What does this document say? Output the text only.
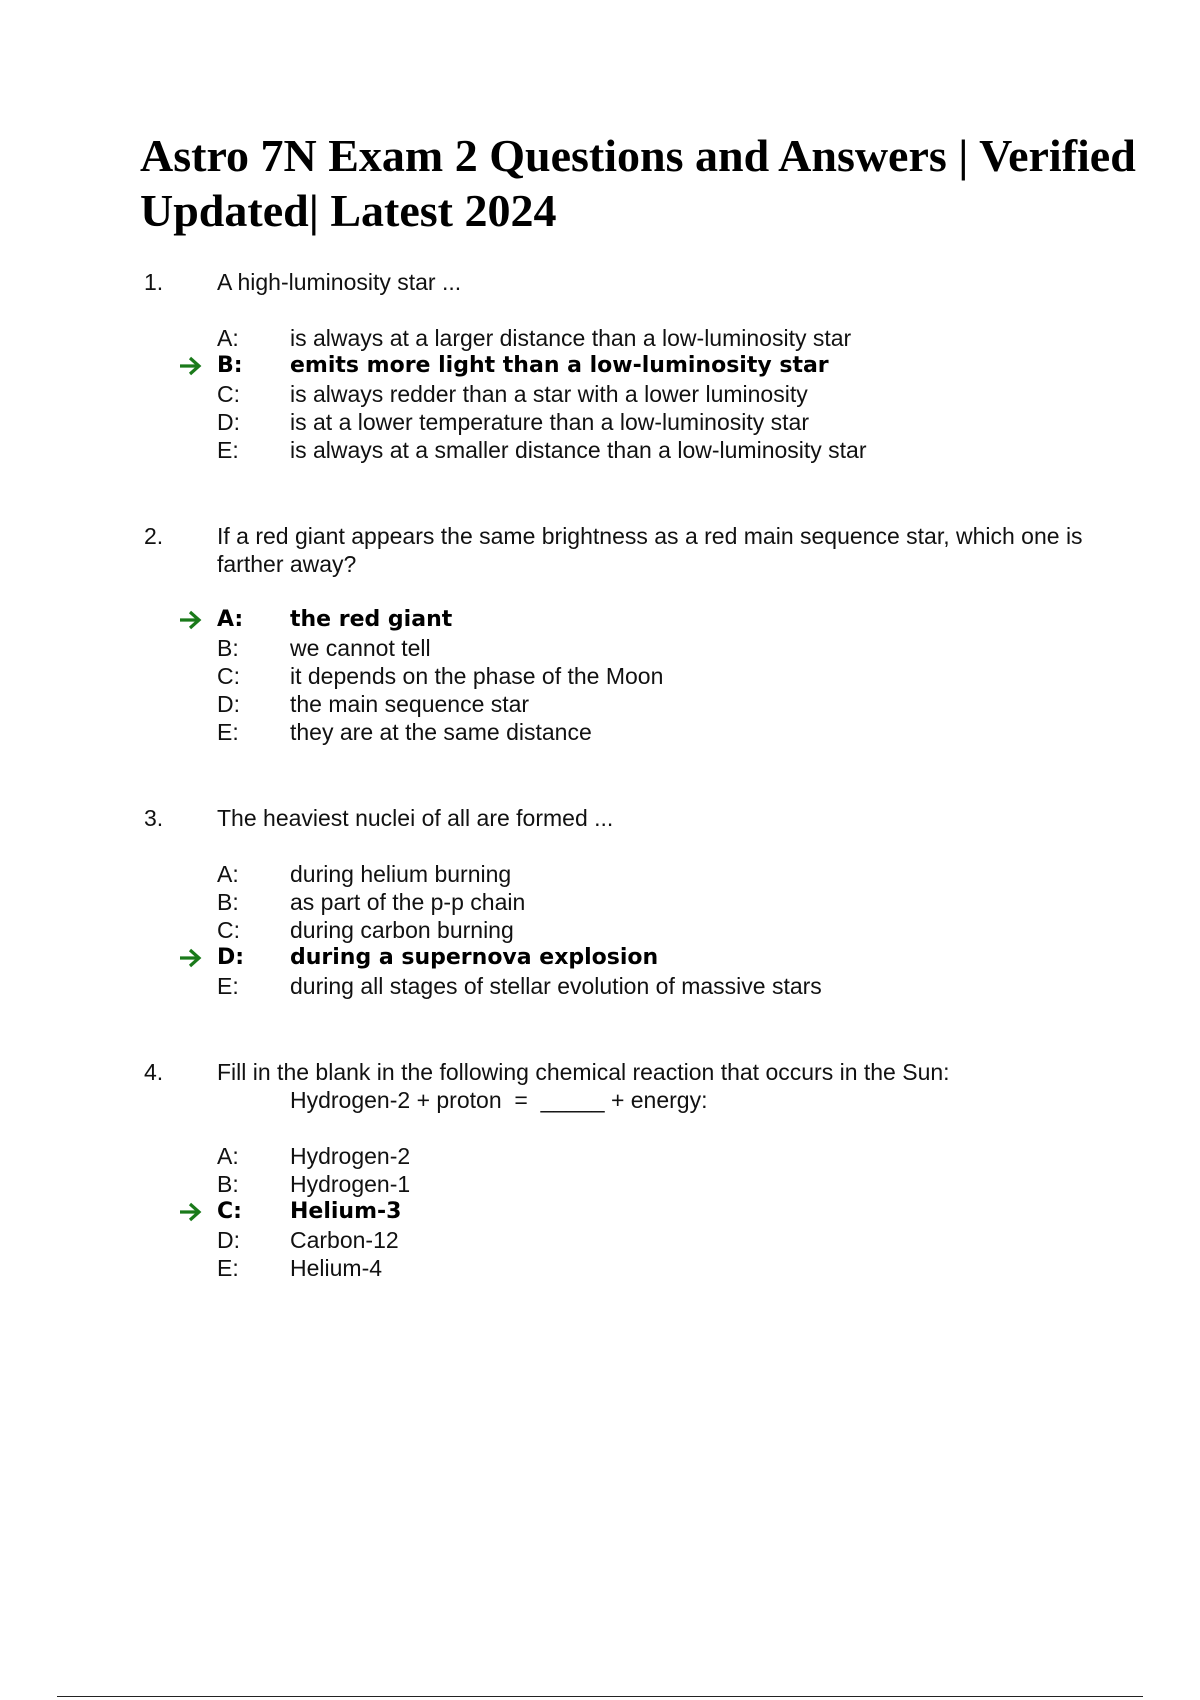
Astro 7N Exam 2 Questions and Answers | Verified Updated| Latest 2024
1. A high-luminosity star ...
A: is always at a larger distance than a low-luminosity star
B: emits more light than a low-luminosity star
C: is always redder than a star with a lower luminosity
D: is at a lower temperature than a low-luminosity star
E: is always at a smaller distance than a low-luminosity star
2. If a red giant appears the same brightness as a red main sequence star, which one is farther away?
A: the red giant
B: we cannot tell
C: it depends on the phase of the Moon
D: the main sequence star
E: they are at the same distance
3. The heaviest nuclei of all are formed ...
A: during helium burning
B: as part of the p-p chain
C: during carbon burning
D: during a supernova explosion
E: during all stages of stellar evolution of massive stars
4. Fill in the blank in the following chemical reaction that occurs in the Sun:
Hydrogen-2 + proton  =  _____ + energy:
A: Hydrogen-2
B: Hydrogen-1
C: Helium-3
D: Carbon-12
E: Helium-4
